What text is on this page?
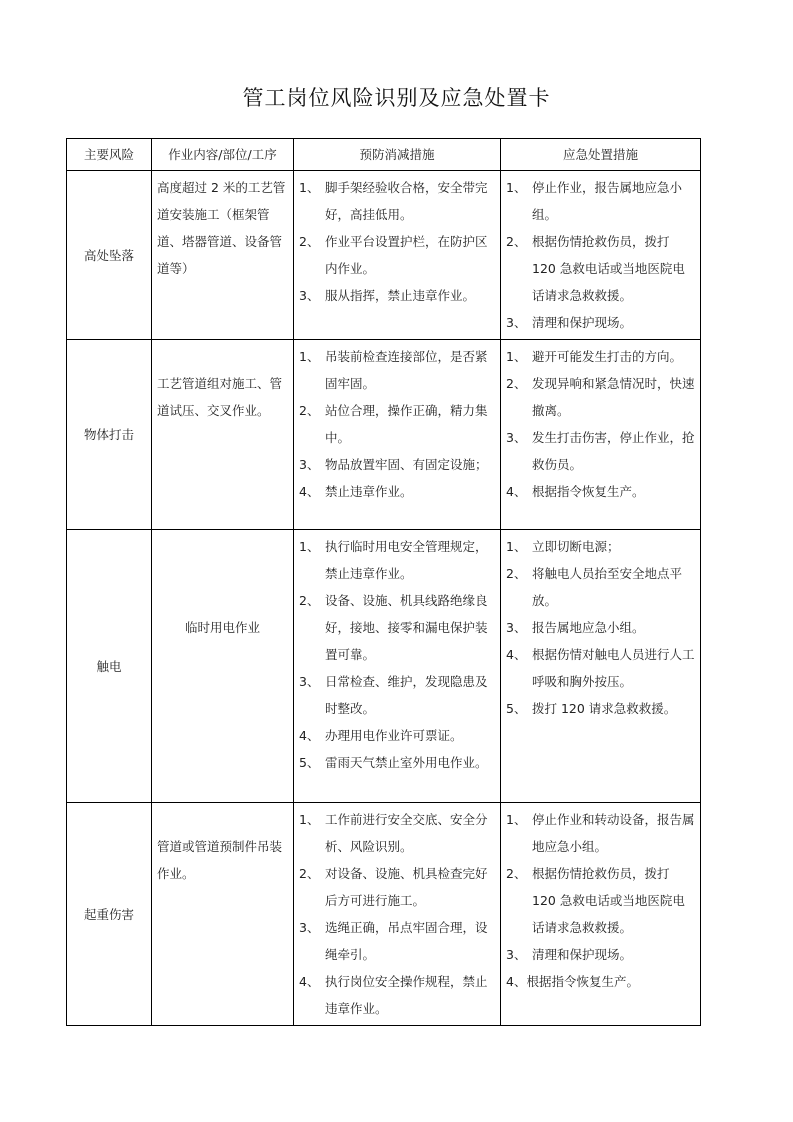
管工岗位风险识别及应急处置卡
主要风险	作业内容/部位/工序	预防消减措施	应急处置措施
高处坠落	高度超过 2 米的工艺管道安装施工（框架管道、塔器管道、设备管道等）	
1、 脚手架经验收合格，安全带完好，高挂低用。
2、 作业平台设置护栏，在防护区内作业。
3、 服从指挥，禁止违章作业。

1、 停止作业，报告属地应急小组。
2、 根据伤情抢救伤员，拨打 120 急救电话或当地医院电话请求急救救援。
3、 清理和保护现场。

物体打击	工艺管道组对施工、管道试压、交叉作业。	
1、 吊装前检查连接部位，是否紧固牢固。
2、 站位合理，操作正确，精力集中。
3、 物品放置牢固、有固定设施；
4、 禁止违章作业。

1、 避开可能发生打击的方向。
2、 发现异响和紧急情况时，快速撤离。
3、 发生打击伤害，停止作业，抢救伤员。
4、 根据指令恢复生产。

触电	临时用电作业	
1、 执行临时用电安全管理规定，禁止违章作业。
2、 设备、设施、机具线路绝缘良好，接地、接零和漏电保护装置可靠。
3、 日常检查、维护，发现隐患及时整改。
4、 办理用电作业许可票证。
5、 雷雨天气禁止室外用电作业。

1、 立即切断电源；
2、 将触电人员抬至安全地点平放。
3、 报告属地应急小组。
4、 根据伤情对触电人员进行人工呼吸和胸外按压。
5、 拨打 120 请求急救救援。

起重伤害	管道或管道预制件吊装作业。	
1、 工作前进行安全交底、安全分析、风险识别。
2、 对设备、设施、机具检查完好后方可进行施工。
3、 选绳正确，吊点牢固合理，设绳牵引。
4、 执行岗位安全操作规程，禁止违章作业。

1、 停止作业和转动设备，报告属地应急小组。
2、 根据伤情抢救伤员，拨打 120 急救电话或当地医院电话请求急救救援。
3、 清理和保护现场。
4、 根据指令恢复生产。
